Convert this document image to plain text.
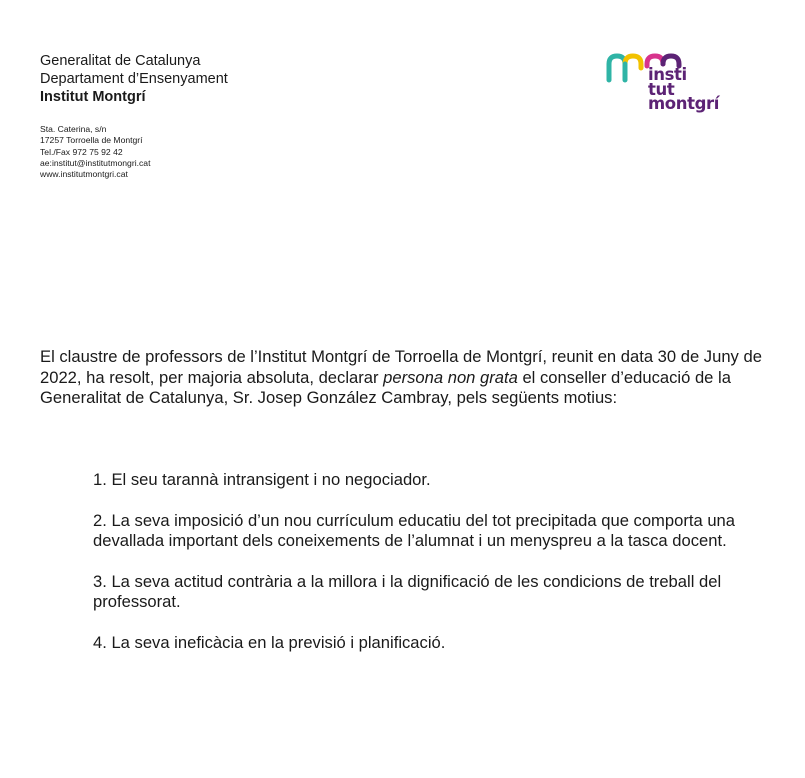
Generalitat de Catalunya

Departament d’Ensenyament

Institut Montgrí

Sta. Caterina, s/n

17257 Torroella de Montgrí

Tel./Fax 972 75 92 42

ae:institut@institutmongri.cat

www.institutmontgri.cat

insti
tut
montgrí

El claustre de professors de l’Institut Montgrí de Torroella de Montgrí, reunit en data 30 de Juny de 2022, ha resolt, per majoria absoluta, declarar persona non grata el conseller d’educació de la Generalitat de Catalunya, Sr. Josep González Cambray, pels següents motius:

1. El seu tarannà intransigent i no negociador.
2. La seva imposició d’un nou currículum educatiu del tot precipitada que comporta una devallada important dels coneixements de l’alumnat i un menyspreu a la tasca docent.
3. La seva actitud contrària a la millora i la dignificació de les condicions de treball del professorat.
4. La seva ineficàcia en la previsió i planificació.
